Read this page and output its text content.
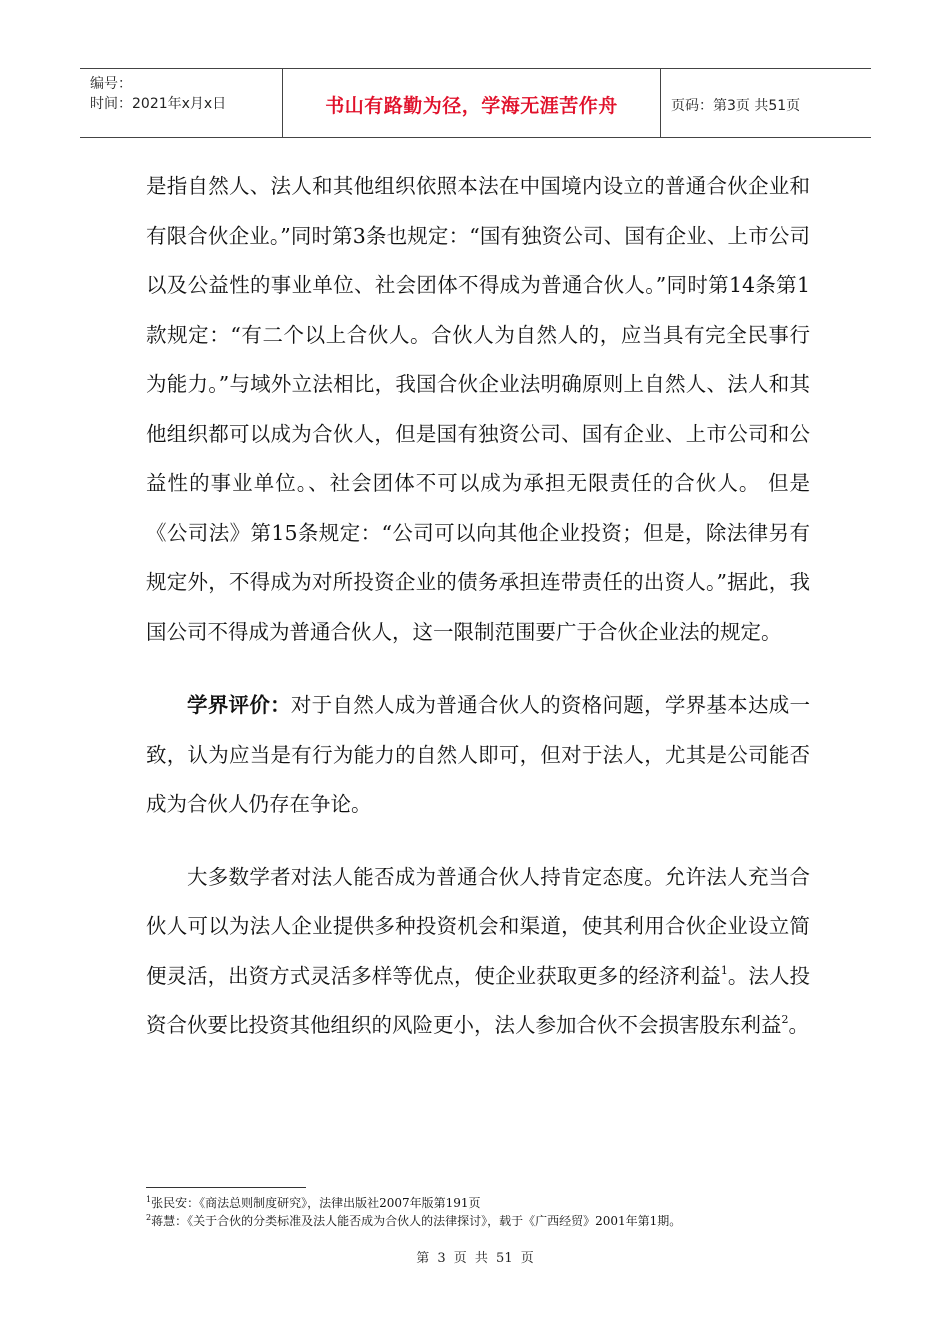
编号：
时间：2021年x月x日	书山有路勤为径，学海无涯苦作舟	页码：第3页 共51页

是指自然人、法人和其他组织依照本法在中国境内设立的普通合伙企业和有限合伙企业。”同时第3条也规定：“国有独资公司、国有企业、上市公司以及公益性的事业单位、社会团体不得成为普通合伙人。”同时第14条第1款规定：“有二个以上合伙人。合伙人为自然人的，应当具有完全民事行为能力。”与域外立法相比，我国合伙企业法明确原则上自然人、法人和其他组织都可以成为合伙人，但是国有独资公司、国有企业、上市公司和公益性的事业单位。、社会团体不可以成为承担无限责任的合伙人。 但是《公司法》第15条规定：“公司可以向其他企业投资；但是，除法律另有规定外，不得成为对所投资企业的债务承担连带责任的出资人。”据此，我国公司不得成为普通合伙人，这一限制范围要广于合伙企业法的规定。

学界评价：对于自然人成为普通合伙人的资格问题，学界基本达成一致，认为应当是有行为能力的自然人即可，但对于法人，尤其是公司能否成为合伙人仍存在争论。

大多数学者对法人能否成为普通合伙人持肯定态度。允许法人充当合伙人可以为法人企业提供多种投资机会和渠道，使其利用合伙企业设立简便灵活，出资方式灵活多样等优点，使企业获取更多的经济利益$^1$。法人投资合伙要比投资其他组织的风险更小，法人参加合伙不会损害股东利益$^2$。

$^1$张民安：《商法总则制度研究》，法律出版社2007年版第191页
$^2$蒋慧：《关于合伙的分类标准及法人能否成为合伙人的法律探讨》，载于《广西经贸》2001年第1期。
第 3 页 共 51 页
